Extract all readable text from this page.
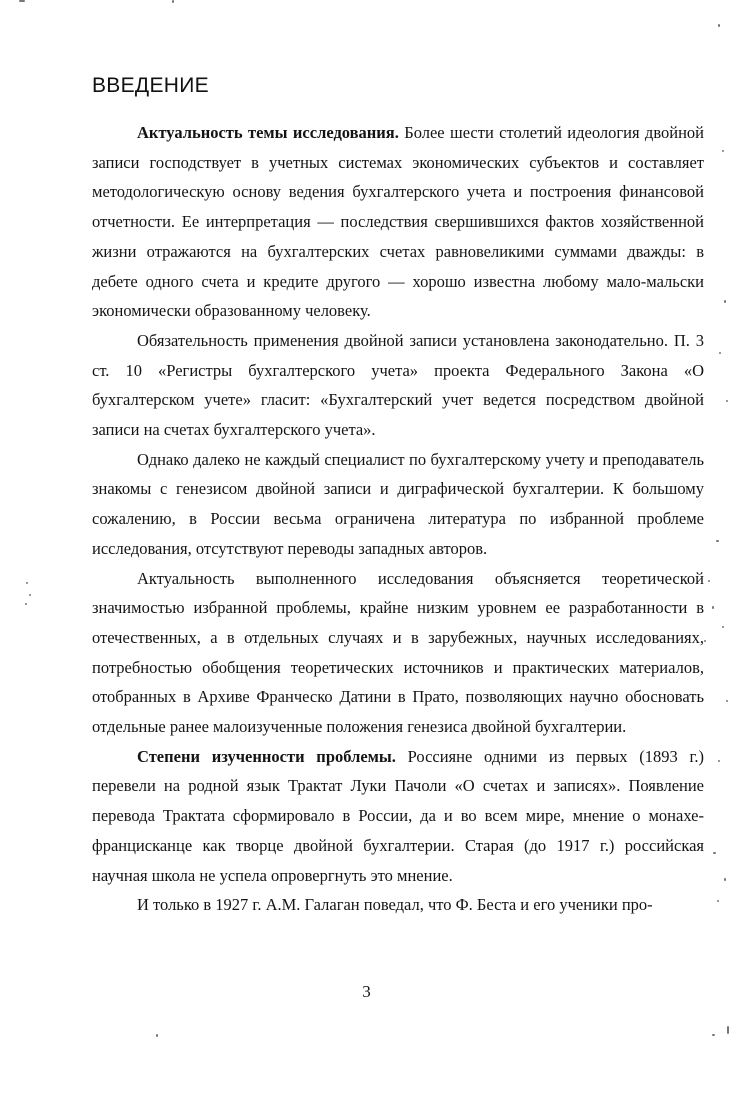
ВВЕДЕНИЕ

Актуальность темы исследования. Более шести столетий идеология двойной записи господствует в учетных системах экономических субъектов и составляет методологическую основу ведения бухгалтерского учета и построения финансовой отчетности. Ее интерпретация — последствия свершившихся фактов хозяйственной жизни отражаются на бухгалтерских счетах равновеликими суммами дважды: в дебете одного счета и кредите другого — хорошо известна любому мало-мальски экономически образованному человеку.

Обязательность применения двойной записи установлена законодательно. П. 3 ст. 10 «Регистры бухгалтерского учета» проекта Федерального Закона «О бухгалтерском учете» гласит: «Бухгалтерский учет ведется посредством двойной записи на счетах бухгалтерского учета».

Однако далеко не каждый специалист по бухгалтерскому учету и преподаватель знакомы с генезисом двойной записи и диграфической бухгалтерии. К большому сожалению, в России весьма ограничена литература по избранной проблеме исследования, отсутствуют переводы западных авторов.

Актуальность выполненного исследования объясняется теоретической значимостью избранной проблемы, крайне низким уровнем ее разработанности в отечественных, а в отдельных случаях и в зарубежных, научных исследованиях, потребностью обобщения теоретических источников и практических материалов, отобранных в Архиве Франческо Датини в Прато, позволяющих научно обосновать отдельные ранее малоизученные положения генезиса двойной бухгалтерии.

Степени изученности проблемы. Россияне одними из первых (1893 г.) перевели на родной язык Трактат Луки Пачоли «О счетах и записях». Появление перевода Трактата сформировало в России, да и во всем мире, мнение о монахе-францисканце как творце двойной бухгалтерии. Старая (до 1917 г.) российская научная школа не успела опровергнуть это мнение.

И только в 1927 г. А.М. Галаган поведал, что Ф. Беста и его ученики про-

3
